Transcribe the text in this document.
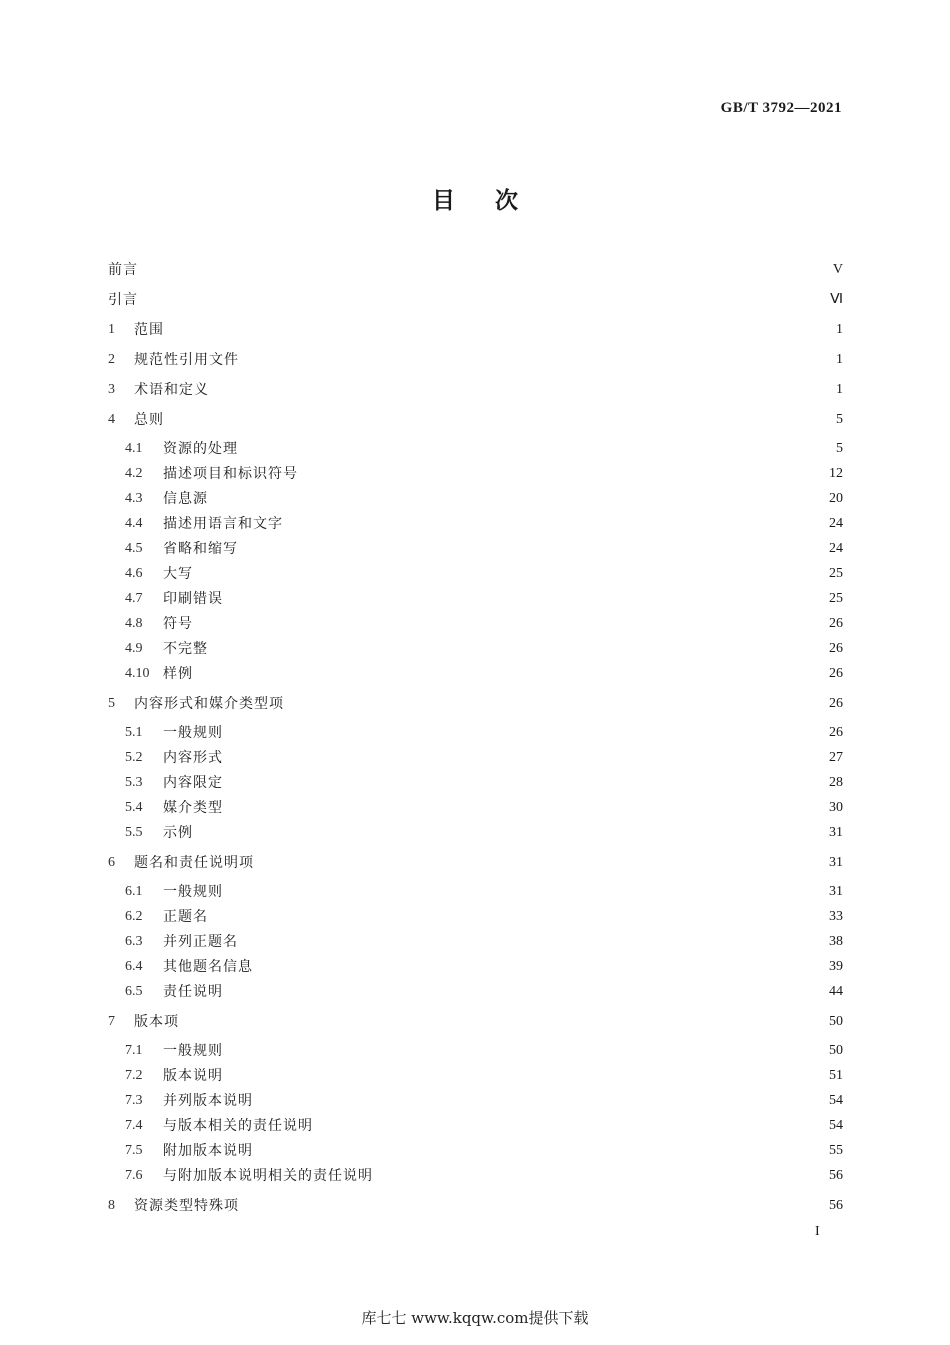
GB/T 3792—2021
目次
前言	V
引言	Ⅵ
1	范围	1
2	规范性引用文件	1
3	术语和定义	1
4	总则	5
4.1	资源的处理	5
4.2	描述项目和标识符号	12
4.3	信息源	20
4.4	描述用语言和文字	24
4.5	省略和缩写	24
4.6	大写	25
4.7	印刷错误	25
4.8	符号	26
4.9	不完整	26
4.10 样例	26
5	内容形式和媒介类型项	26
5.1	一般规则	26
5.2	内容形式	27
5.3	内容限定	28
5.4	媒介类型	30
5.5	示例	31
6	题名和责任说明项	31
6.1	一般规则	31
6.2	正题名	33
6.3	并列正题名	38
6.4	其他题名信息	39
6.5	责任说明	44
7	版本项	50
7.1	一般规则	50
7.2	版本说明	51
7.3	并列版本说明	54
7.4	与版本相关的责任说明	54
7.5	附加版本说明	55
7.6	与附加版本说明相关的责任说明	56
8	资源类型特殊项	56
I
库七七 www.kqqw.com提供下载
